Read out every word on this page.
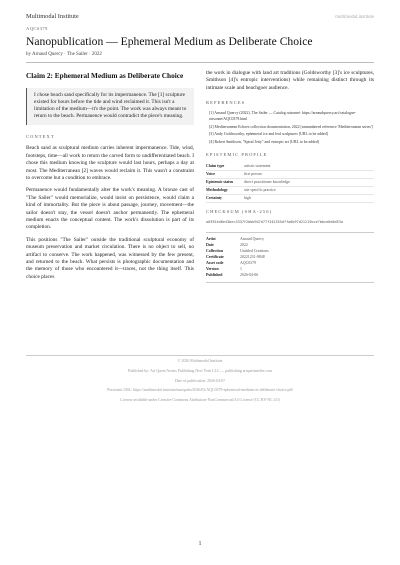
Multimodal Institute	multimodal.institute
AQC0379
Nanopublication — Ephemeral Medium as Deliberate Choice
by Arnaud Quercy · The Sailer · 2022
Claim 2: Ephemeral Medium as Deliberate Choice
I chose beach sand specifically for its impermanence. The [1] sculpture existed for hours before the tide and wind reclaimed it. This isn't a limitation of the medium—it's the point. The work was always meant to return to the beach. Permanence would contradict the piece's meaning.
CONTEXT

Beach sand as sculptural medium carries inherent impermanence. Tide, wind, footsteps, time—all work to return the carved form to undifferentiated beach. I chose this medium knowing the sculpture would last hours, perhaps a day at most. The Mediterranean [2] waves would reclaim it. This wasn't a constraint to overcome but a condition to embrace.

Permanence would fundamentally alter the work's meaning. A bronze cast of "The Sailer" would memorialize, would insist on persistence, would claim a kind of immortality. But the piece is about passage, journey, movement—the sailor doesn't stay, the vessel doesn't anchor permanently. The ephemeral medium enacts the conceptual content. The work's dissolution is part of its completion.

This positions "The Sailer" outside the traditional sculptural economy of museum preservation and market circulation. There is no object to sell, no artifact to conserve. The work happened, was witnessed by the few present, and returned to the beach. What persists is photographic documentation and the memory of those who encountered it—traces, not the thing itself. This choice places

the work in dialogue with land art traditions (Goldsworthy [3]'s ice sculptures, Smithson [4]'s entropic interventions) while remaining distinct through its intimate scale and beachgoer audience.

REFERENCES
[1] Arnaud Quercy (2022). The Sailer — Catalog raisonné: https://arnaudquercy.art/catalogue-raisonne/AQC0379.html
[2] Mediterranean Echoes collection documentation, 2022 [unnumbered reference 'Mediterranean series']
[3] Andy Goldsworthy, ephemeral ice and leaf sculptures [URL to be added]
[4] Robert Smithson, "Spiral Jetty" and entropic art [URL to be added]
EPISTEMIC PROFILE
Claim type	artistic statement
Voice	first person
Epistemic status	direct practitioner knowledge
Methodology	site specific practice
Certainty	high
CHECKSUM (SHA-256)
a03924d0e43bec3337f2bbb947d77f342355d7fa0b97d21215bce7bbce8e0d53a
Artist	Arnaud Quercy
Date	2022
Collection	Untitled Creations
Certificate	20221231-0848
Asset code	AQC0379
Version	1
Published	2026-04-06
© 2026 Multimodal Institute
Published by: Art Quest/Artists Publishing New York LLC — publishing.artquestmelee.com
Date of publication: 2026-04-07
Persistent URL: https://multimodal.institute/nanopubs/2026/02/AQC0379-ephemeral-medium-as-deliberate-choice.pdf
License available under Creative Commons Attribution-NonCommercial 4.0 License (CC BY-NC 4.0)
1
